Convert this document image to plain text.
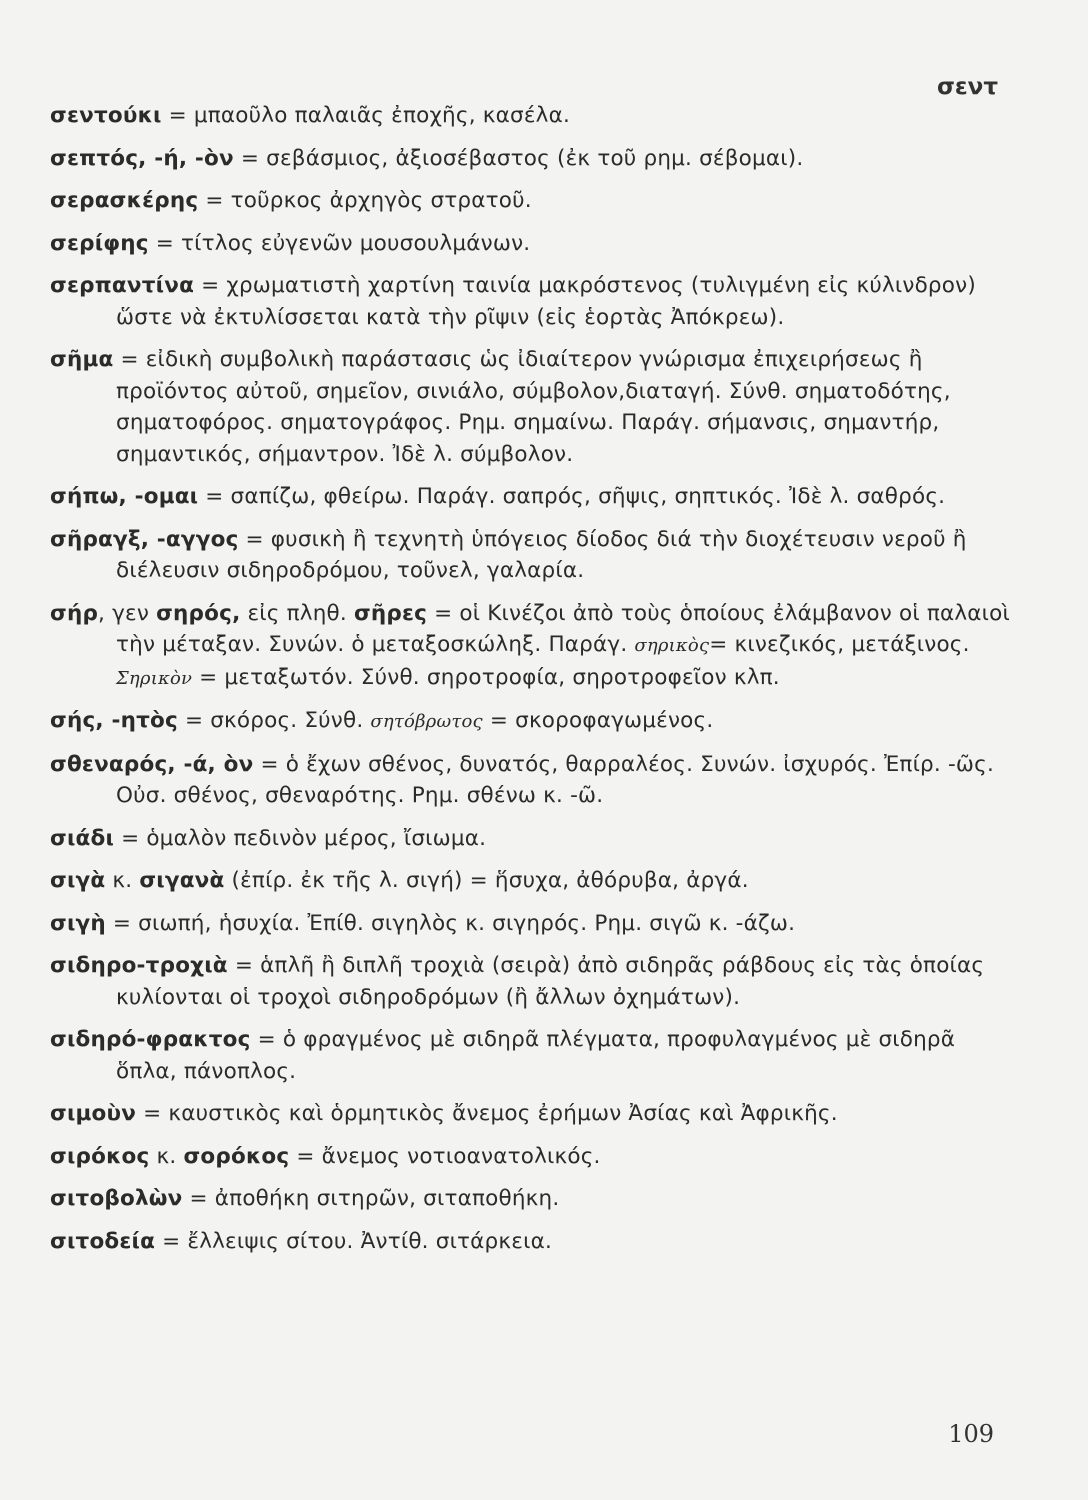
σεντ
σεντούκι = μπαοῦλο παλαιᾶς ἐποχῆς, κασέλα.
σεπτός, -ή, -ὸν = σεβάσμιος, ἀξιοσέβαστος (ἐκ τοῦ ρημ. σέβομαι).
σερασκέρης = τοῦρκος ἀρχηγὸς στρατοῦ.
σερίφης = τίτλος εὐγενῶν μουσουλμάνων.
σερπαντίνα = χρωματιστὴ χαρτίνη ταινία μακρόστενος (τυλιγμένη εἰς κύλινδρον) ὥστε νὰ ἐκτυλίσσεται κατὰ τὴν ρῖψιν (εἰς ἑορτὰς Ἀπόκρεω).
σῆμα = εἰδικὴ συμβολικὴ παράστασις ὡς ἰδιαίτερον γνώρισμα ἐπιχειρήσεως ἢ προϊόντος αὐτοῦ, σημεῖον, σινιάλο, σύμβολον,διαταγή. Σύνθ. σηματοδότης, σηματοφόρος. σηματογράφος. Ρημ. σημαίνω. Παράγ. σήμανσις, σημαντήρ, σημαντικός, σήμαντρον. Ἰδὲ λ. σύμβολον.
σήπω, -ομαι = σαπίζω, φθείρω. Παράγ. σαπρός, σῆψις, σηπτικός. Ἰδὲ λ. σαθρός.
σῆραγξ, -αγγος = φυσικὴ ἢ τεχνητὴ ὑπόγειος δίοδος διά τὴν διοχέτευσιν νεροῦ ἢ διέλευσιν σιδηροδρόμου, τοῦνελ, γαλαρία.
σήρ, γεν σηρός, εἰς πληθ. σῆρες = οἱ Κινέζοι ἀπὸ τοὺς ὁποίους ἐλάμβανον οἱ παλαιοὶ τὴν μέταξαν. Συνών. ὁ μεταξοσκώληξ. Παράγ. σηρικὸς= κινεζικός, μετάξινος. Σηρικὸν = μεταξωτόν. Σύνθ. σηροτροφία, σηροτροφεῖον κλπ.
σής, -ητὸς = σκόρος. Σύνθ. σητόβρωτος = σκοροφαγωμένος.
σθεναρός, -ά, ὸν = ὁ ἔχων σθένος, δυνατός, θαρραλέος. Συνών. ἰσχυρός. Ἐπίρ. -ῶς. Οὐσ. σθένος, σθεναρότης. Ρημ. σθένω κ. -ῶ.
σιάδι = ὁμαλὸν πεδινὸν μέρος, ἴσιωμα.
σιγὰ κ. σιγανὰ (ἐπίρ. ἐκ τῆς λ. σιγή) = ἥσυχα, ἀθόρυβα, ἀργά.
σιγὴ = σιωπή, ἡσυχία. Ἐπίθ. σιγηλὸς κ. σιγηρός. Ρημ. σιγῶ κ. -άζω.
σιδηρο-τροχιὰ = ἁπλῆ ἢ διπλῆ τροχιὰ (σειρὰ) ἀπὸ σιδηρᾶς ράβδους εἰς τὰς ὁποίας κυλίονται οἱ τροχοὶ σιδηροδρόμων (ἢ ἄλλων ὀχημάτων).
σιδηρό-φρακτος = ὁ φραγμένος μὲ σιδηρᾶ πλέγματα, προφυλαγμένος μὲ σιδηρᾶ ὅπλα, πάνοπλος.
σιμοὺν = καυστικὸς καὶ ὁρμητικὸς ἄνεμος ἐρήμων Ἀσίας καὶ Ἀφρικῆς.
σιρόκος κ. σορόκος = ἄνεμος νοτιοανατολικός.
σιτοβολὼν = ἀποθήκη σιτηρῶν, σιταποθήκη.
σιτοδεία = ἔλλειψις σίτου. Ἀντίθ. σιτάρκεια.
109
